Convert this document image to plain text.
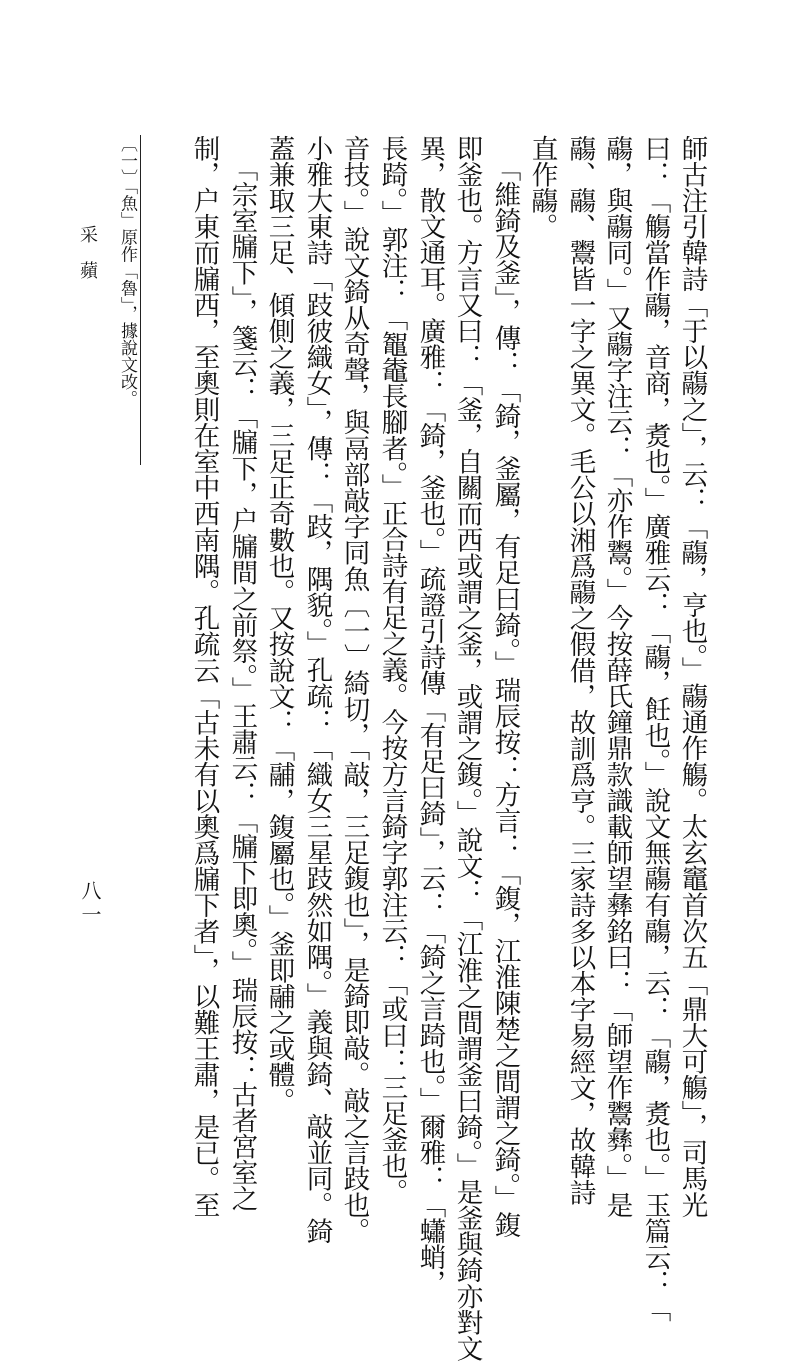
師古注引韓詩「于以鬺之」，云：「鬺，亨也。」鬺通作觴。太玄竈首次五「鼎大可觴」，司馬光
曰：「觴當作鬺，音商，煑也。」廣雅云：「鬺，飪也。」說文無鬺有鬺，云：「鬺，煑也。」玉篇云：「
鬺，與鬺同。」又鬺字注云：「亦作鬻。」今按薛氏鐘鼎款識載師望彝銘曰：「師望作鬻彝。」是
鬺、鬺、鬻皆一字之異文。毛公以湘爲鬺之假借，故訓爲亨。三家詩多以本字易經文，故韓詩
直作鬺。
「維錡及釜」，傳：「錡，釜屬，有足曰錡。」瑞辰按：方言：「鍑，江淮陳楚之間謂之錡。」鍑
即釜也。方言又曰：「釜，自關而西或謂之釜，或謂之鍑。」說文：「江淮之間謂釜曰錡。」是釜與錡亦對文
異，散文通耳。廣雅：「錡，釜也。」疏證引詩傳「有足曰錡」，云：「錡之言踦也。」爾雅：「蠨蛸，
長踦。」郭注：「鼅鼄長腳者。」正合詩有足之義。今按方言錡字郭注云：「或曰：三足釜也。
音技。」說文錡从奇聲，與鬲部敲字同魚〔一〕綺切，「敲，三足鍑也」，是錡即敲。敲之言跂也。
小雅大東詩「跂彼織女」，傳：「跂，隅貌。」孔疏：「織女三星跂然如隅。」義與錡、敲並同。錡
蓋兼取三足、傾側之義，三足正奇數也。又按說文：「鬴，鍑屬也。」釜即鬴之或體。
「宗室牖下」，箋云：「牖下，户牖間之前祭。」王肅云：「牖下即奧。」瑞辰按：古者宮室之
制，户東而牖西，至奧則在室中西南隅。孔疏云「古未有以奧爲牖下者」，以難王肅，是已。至
〔一〕「魚」原作「魯」，據說文改。
采蘋
八一
